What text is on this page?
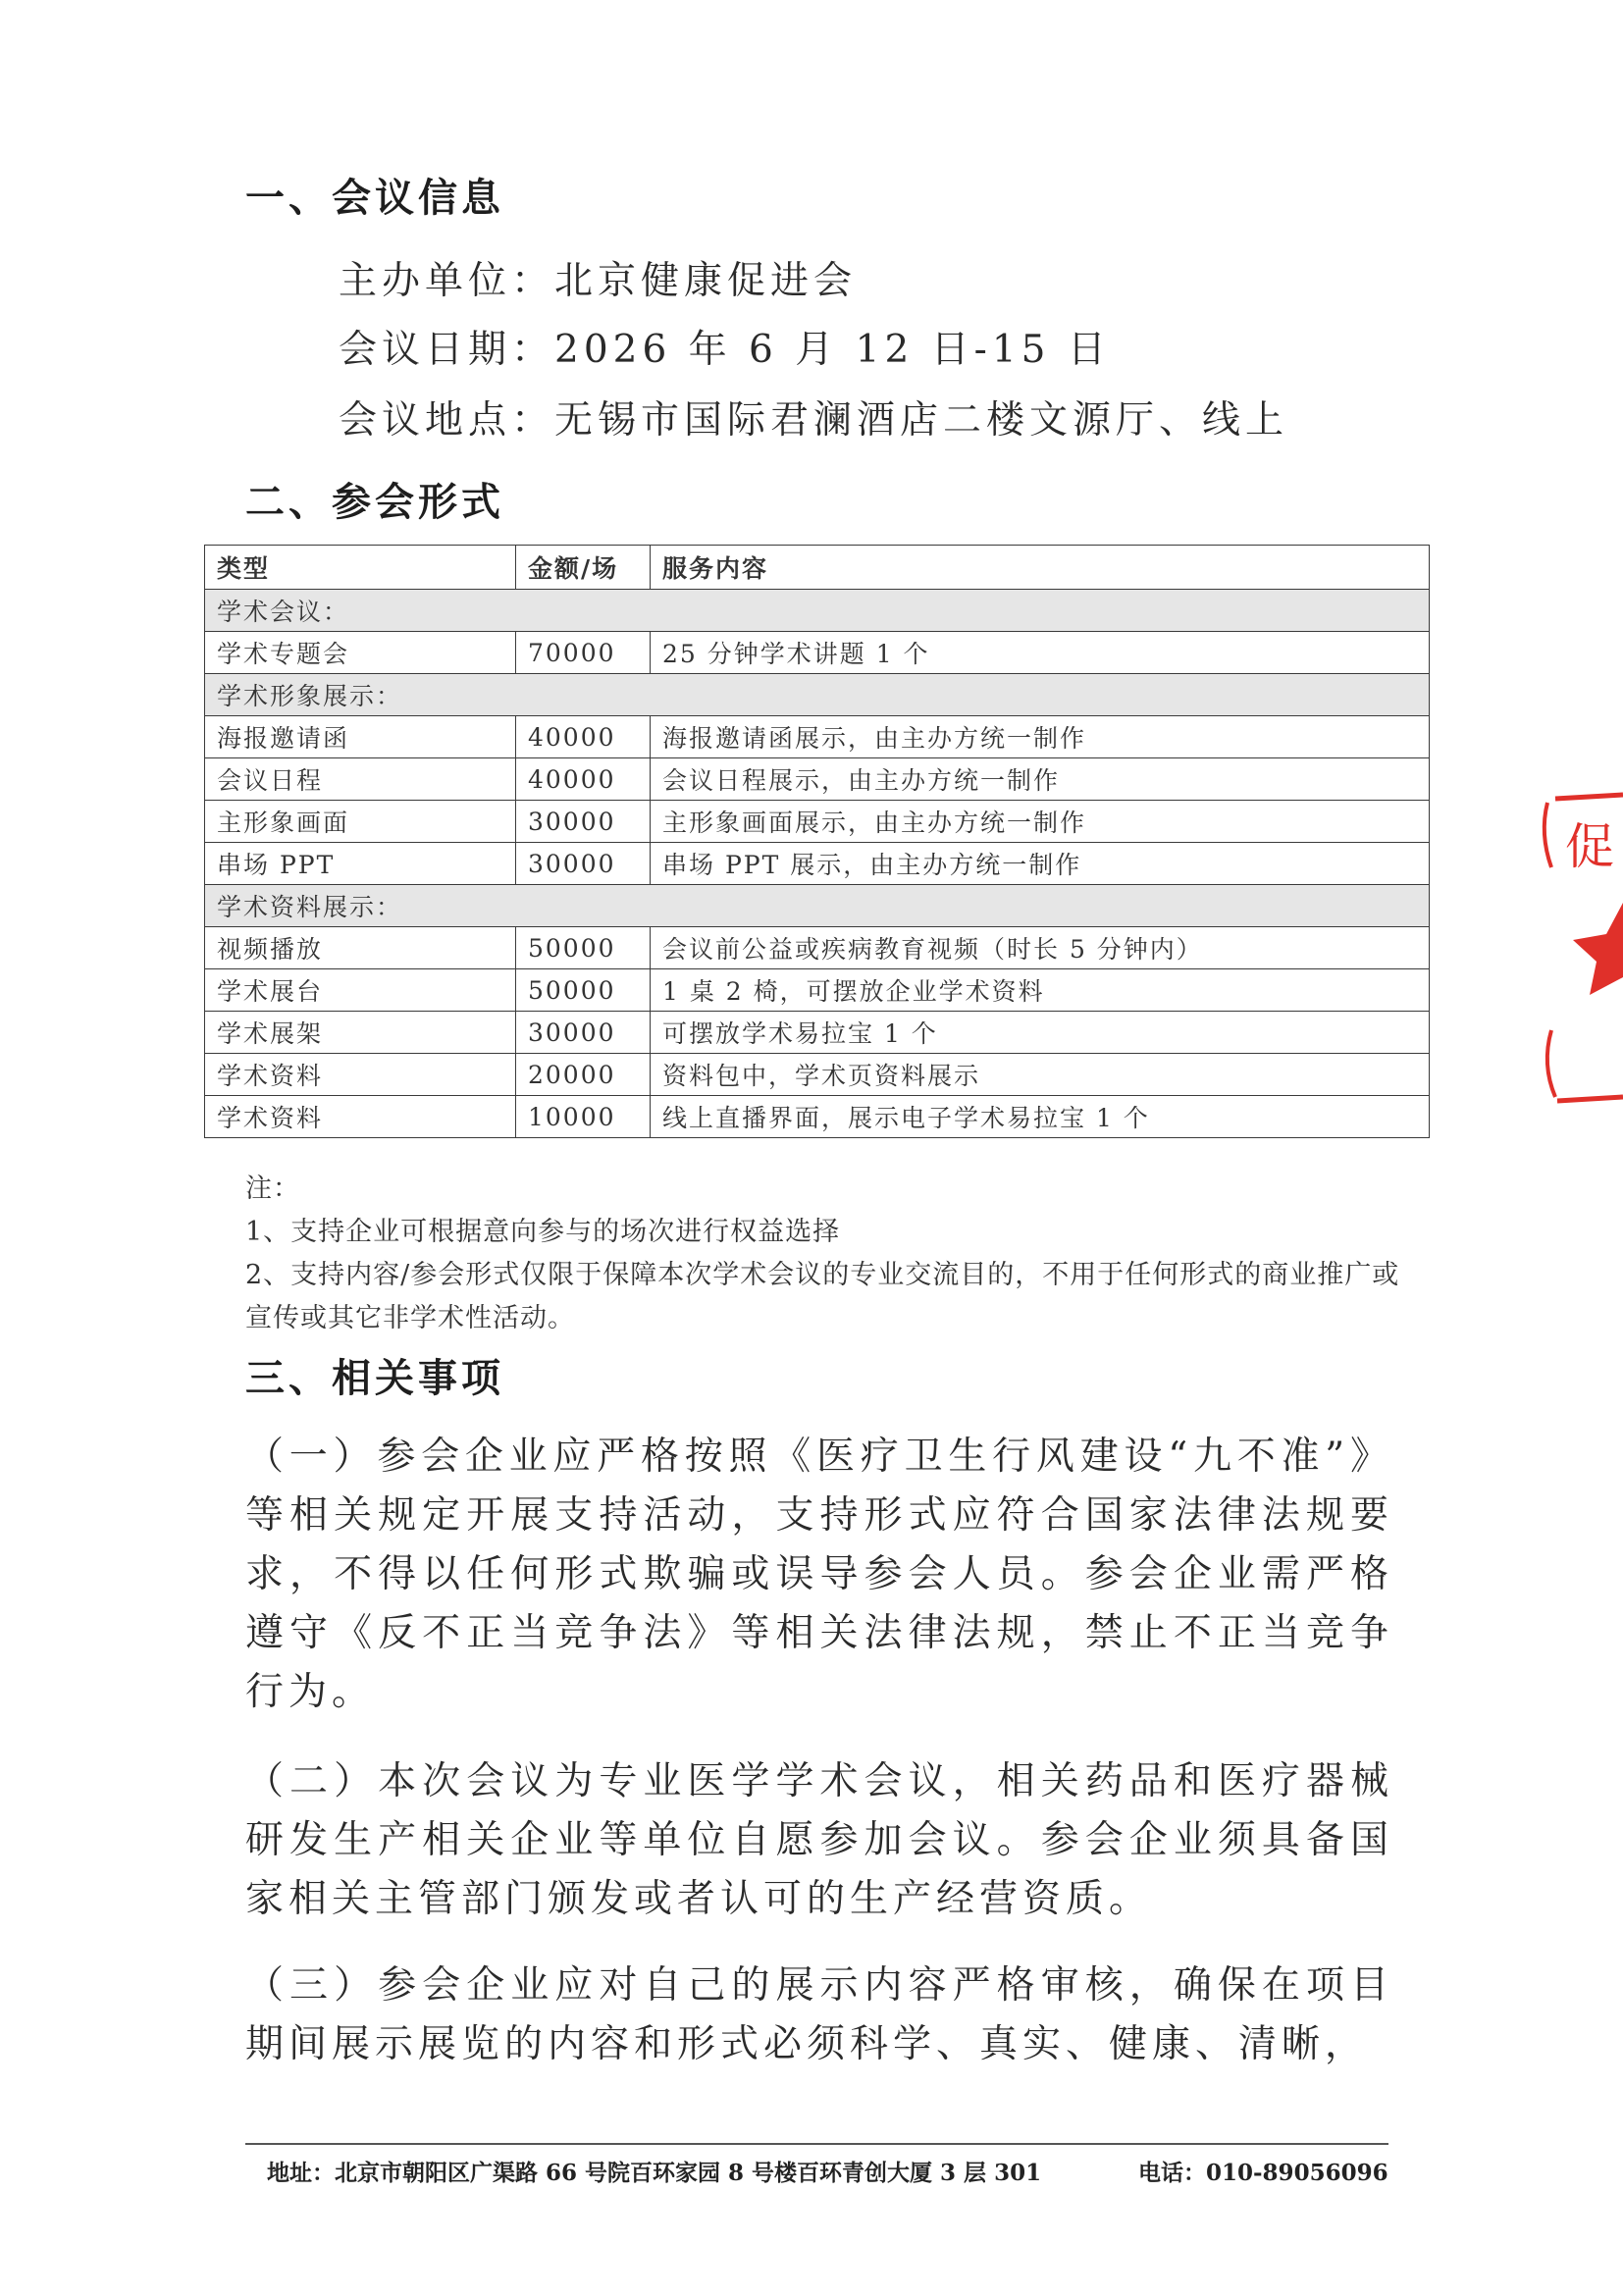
一、会议信息
主办单位：北京健康促进会
会议日期：2026 年 6 月 12 日-15 日
会议地点：无锡市国际君澜酒店二楼文源厅、线上
二、参会形式
类型	金额/场	服务内容
学术会议：		
学术专题会	70000	25 分钟学术讲题 1 个
学术形象展示：		
海报邀请函	40000	海报邀请函展示，由主办方统一制作
会议日程	40000	会议日程展示，由主办方统一制作
主形象画面	30000	主形象画面展示，由主办方统一制作
串场 PPT	30000	串场 PPT 展示，由主办方统一制作
学术资料展示：		
视频播放	50000	会议前公益或疾病教育视频（时长 5 分钟内）
学术展台	50000	1 桌 2 椅，可摆放企业学术资料
学术展架	30000	可摆放学术易拉宝 1 个
学术资料	20000	资料包中，学术页资料展示
学术资料	10000	线上直播界面，展示电子学术易拉宝 1 个
注：
1、支持企业可根据意向参与的场次进行权益选择
2、支持内容/参会形式仅限于保障本次学术会议的专业交流目的，不用于任何形式的商业推广或宣传或其它非学术性活动。
三、相关事项
（一）参会企业应严格按照《医疗卫生行风建设“九不准”》等相关规定开展支持活动，支持形式应符合国家法律法规要求，不得以任何形式欺骗或误导参会人员。参会企业需严格遵守《反不正当竞争法》等相关法律法规，禁止不正当竞争行为。
（二）本次会议为专业医学学术会议，相关药品和医疗器械研发生产相关企业等单位自愿参加会议。参会企业须具备国家相关主管部门颁发或者认可的生产经营资质。
（三）参会企业应对自己的展示内容严格审核，确保在项目期间展示展览的内容和形式必须科学、真实、健康、清晰，
地址：北京市朝阳区广渠路 66 号院百环家园 8 号楼百环青创大厦 3 层 301	电话：010-89056096
促
